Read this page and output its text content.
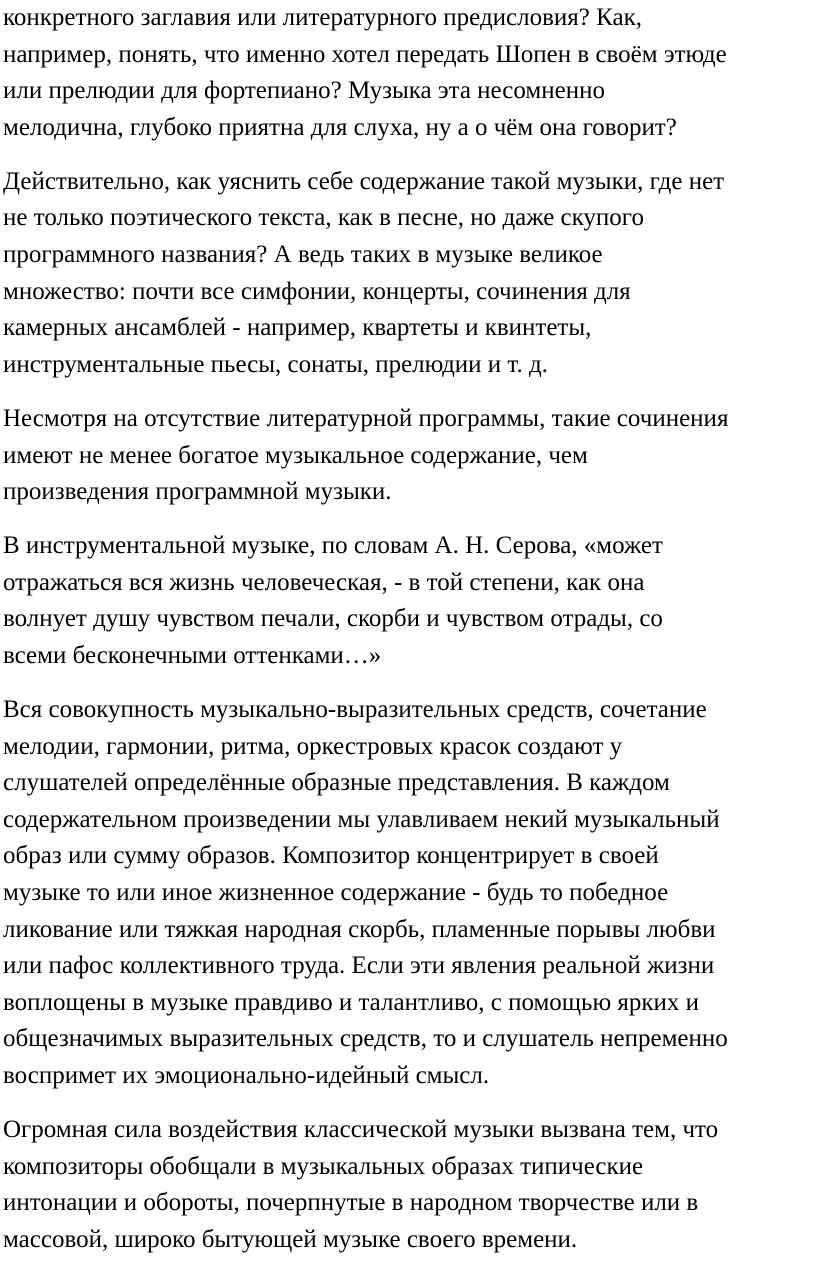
конкретного заглавия или литературного предисловия? Как,
например, понять, что именно хотел передать Шопен в своём этюде
или прелюдии для фортепиано? Музыка эта несомненно
мелодична, глубоко приятна для слуха, ну а о чём она говорит?

Действительно, как уяснить себе содержание такой музыки, где нет
не только поэтического текста, как в песне, но даже скупого
программного названия? А ведь таких в музыке великое
множество: почти все симфонии, концерты, сочинения для
камерных ансамблей - например, квартеты и квинтеты,
инструментальные пьесы, сонаты, прелюдии и т. д.

Несмотря на отсутствие литературной программы, такие сочинения
имеют не менее богатое музыкальное содержание, чем
произведения программной музыки.

В инструментальной музыке, по словам А. Н. Серова, «может
отражаться вся жизнь человеческая, - в той степени, как она
волнует душу чувством печали, скорби и чувством отрады, со
всеми бесконечными оттенками…»

Вся совокупность музыкально-выразительных средств, сочетание
мелодии, гармонии, ритма, оркестровых красок создают у
слушателей определённые образные представления. В каждом
содержательном произведении мы улавливаем некий музыкальный
образ или сумму образов. Композитор концентрирует в своей
музыке то или иное жизненное содержание - будь то победное
ликование или тяжкая народная скорбь, пламенные порывы любви
или пафос коллективного труда. Если эти явления реальной жизни
воплощены в музыке правдиво и талантливо, с помощью ярких и
общезначимых выразительных средств, то и слушатель непременно
воспримет их эмоционально-идейный смысл.

Огромная сила воздействия классической музыки вызвана тем, что
композиторы обобщали в музыкальных образах типические
интонации и обороты, почерпнутые в народном творчестве или в
массовой, широко бытующей музыке своего времени.
